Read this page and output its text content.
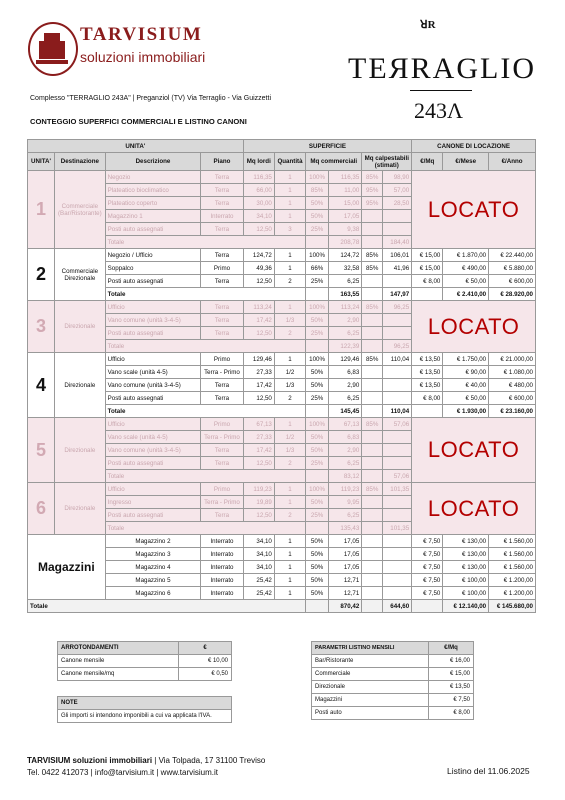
TARVISIUM
soluzioni immobiliari
ꓤR
TEЯRAGLIO
243Λ
Complesso "TERRAGLIO 243A" | Preganziol (TV) Via Terraglio - Via Guizzetti
CONTEGGIO SUPERFICI COMMERCIALI E LISTINO CANONI
UNITA'				SUPERFICIE						CANONE DI LOCAZIONE		
UNITA'	Destinazione	Descrizione	Piano	Mq lordi	Quantità	Mq commerciali		Mq calpestabili (stimati)		€/Mq	€/Mese	€/Anno
1	Commerciale (Bar/Ristorante)	Negozio	Terra	116,35	1	100%	116,35	85%	98,90	LOCATO		
		Plateatico bioclimatico	Terra	66,00	1	85%	11,00	95%	57,00			
		Plateatico coperto	Terra	30,00	1	50%	15,00	95%	28,50			
		Magazzino 1	Interrato	34,10	1	50%	17,05					
		Posti auto assegnati	Terra	12,50	3	25%	9,38					
		Totale					208,78		184,40			
2	Commerciale Direzionale	Negozio / Ufficio	Terra	124,72	1	100%	124,72	85%	106,01	€ 15,00	€ 1.870,00	€ 22.440,00
		Soppalco	Primo	49,36	1	66%	32,58	85%	41,96	€ 15,00	€ 490,00	€ 5.880,00
		Posti auto assegnati	Terra	12,50	2	25%	6,25			€ 8,00	€ 50,00	€ 600,00
		Totale					163,55		147,97		€ 2.410,00	€ 28.920,00
3	Direzionale	Ufficio	Terra	113,24	1	100%	113,24	85%	96,25	LOCATO		
		Vano comune (unità 3-4-5)	Terra	17,42	1/3	50%	2,90					
		Posti auto assegnati	Terra	12,50	2	25%	6,25					
		Totale					122,39		96,25			
4	Direzionale	Ufficio	Primo	129,46	1	100%	129,46	85%	110,04	€ 13,50	€ 1.750,00	€ 21.000,00
		Vano scale (unità 4-5)	Terra - Primo	27,33	1/2	50%	6,83			€ 13,50	€ 90,00	€ 1.080,00
		Vano comune (unità 3-4-5)	Terra	17,42	1/3	50%	2,90			€ 13,50	€ 40,00	€ 480,00
		Posti auto assegnati	Terra	12,50	2	25%	6,25			€ 8,00	€ 50,00	€ 600,00
		Totale					145,45		110,04		€ 1.930,00	€ 23.160,00
5	Direzionale	Ufficio	Primo	67,13	1	100%	67,13	85%	57,06	LOCATO		
		Vano scale (unità 4-5)	Terra - Primo	27,33	1/2	50%	6,83					
		Vano comune (unità 3-4-5)	Terra	17,42	1/3	50%	2,90					
		Posti auto assegnati	Terra	12,50	2	25%	6,25					
		Totale					83,12		57,06			
6	Direzionale	Ufficio	Primo	119,23	1	100%	119,23	85%	101,35	LOCATO		
		Ingresso	Terra - Primo	19,89	1	50%	9,95					
		Posti auto assegnati	Terra	12,50	2	25%	6,25					
		Totale					135,43		101,35			
Magazzini		Magazzino 2	Interrato	34,10	1	50%	17,05			€ 7,50	€ 130,00	€ 1.560,00
		Magazzino 3	Interrato	34,10	1	50%	17,05			€ 7,50	€ 130,00	€ 1.560,00
		Magazzino 4	Interrato	34,10	1	50%	17,05			€ 7,50	€ 130,00	€ 1.560,00
		Magazzino 5	Interrato	25,42	1	50%	12,71			€ 7,50	€ 100,00	€ 1.200,00
		Magazzino 6	Interrato	25,42	1	50%	12,71			€ 7,50	€ 100,00	€ 1.200,00
Totale							870,42		644,60		€ 12.140,00	€ 145.680,00
ARROTONDAMENTI	€
Canone mensile	€ 10,00
Canone mensile/mq	€ 0,50
NOTE
Gli importi si intendono imponibili a cui va applicata l'IVA.
PARAMETRI LISTINO MENSILI	€/Mq
Bar/Ristorante	€ 16,00
Commerciale	€ 15,00
Direzionale	€ 13,50
Magazzini	€ 7,50
Posti auto	€ 8,00
TARVISIUM soluzioni immobiliari | Via Tolpada, 17 31100 Treviso
Tel. 0422 412073 | info@tarvisium.it | www.tarvisium.it	Listino del 11.06.2025
